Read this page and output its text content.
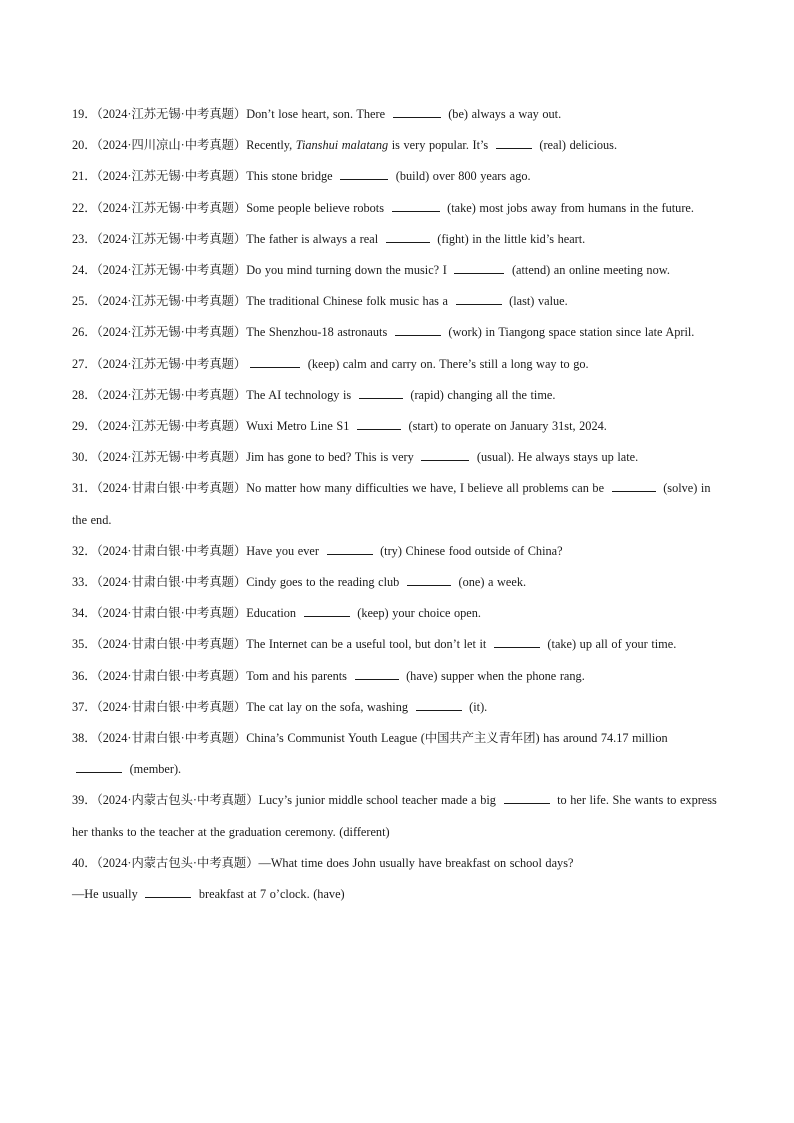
19．（2024·江苏无锡·中考真题）Don’t lose heart, son. There	(be) always a way out.

20．（2024·四川凉山·中考真题）Recently, Tianshui malatang is very popular. It’s	(real) delicious.

21．（2024·江苏无锡·中考真题）This stone bridge	(build) over 800 years ago.

22．（2024·江苏无锡·中考真题）Some people believe robots	(take) most jobs away from humans in the future.

23．（2024·江苏无锡·中考真题）The father is always a real	(fight) in the little kid’s heart.

24．（2024·江苏无锡·中考真题）Do you mind turning down the music? I	(attend) an online meeting now.

25．（2024·江苏无锡·中考真题）The traditional Chinese folk music has a	(last) value.

26．（2024·江苏无锡·中考真题）The Shenzhou-18 astronauts	(work) in Tiangong space station since late April.

27．（2024·江苏无锡·中考真题）	(keep) calm and carry on. There’s still a long way to go.

28．（2024·江苏无锡·中考真题）The AI technology is	(rapid) changing all the time.

29．（2024·江苏无锡·中考真题）Wuxi Metro Line S1	(start) to operate on January 31st, 2024.

30．（2024·江苏无锡·中考真题）Jim has gone to bed? This is very	(usual). He always stays up late.

31．（2024·甘肃白银·中考真题）No matter how many difficulties we have, I believe all problems can be	(solve) in the end.

32．（2024·甘肃白银·中考真题）Have you ever	(try) Chinese food outside of China?

33．（2024·甘肃白银·中考真题）Cindy goes to the reading club	(one) a week.

34．（2024·甘肃白银·中考真题）Education	(keep) your choice open.

35．（2024·甘肃白银·中考真题）The Internet can be a useful tool, but don’t let it	(take) up all of your time.

36．（2024·甘肃白银·中考真题）Tom and his parents	(have) supper when the phone rang.

37．（2024·甘肃白银·中考真题）The cat lay on the sofa, washing	(it).

38．（2024·甘肃白银·中考真题）China’s Communist Youth League (中国共产主义青年团) has around 74.17 million  (member).

39．（2024·内蒙古包头·中考真题）Lucy’s junior middle school teacher made a big	to her life. She wants to express her thanks to the teacher at the graduation ceremony. (different)

40．（2024·内蒙古包头·中考真题）—What time does John usually have breakfast on school days?
—He usually	breakfast at 7 o’clock. (have)
